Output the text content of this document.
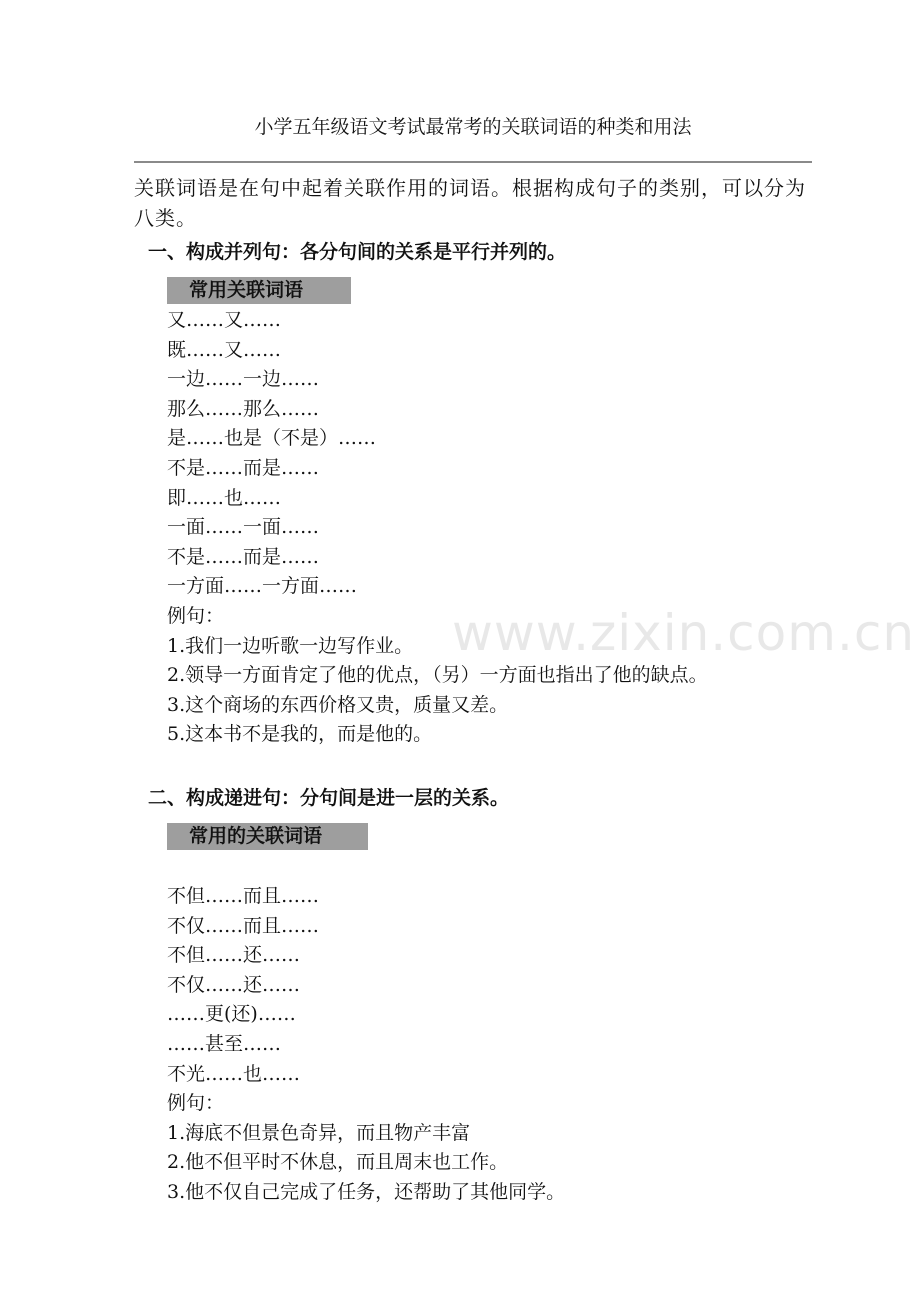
小学五年级语文考试最常考的关联词语的种类和用法
关联词语是在句中起着关联作用的词语。根据构成句子的类别，可以分为八类。
一、构成并列句：各分句间的关系是平行并列的。
常用关联词语
又……又……
既……又……
一边……一边……
那么……那么……
是……也是（不是）……
不是……而是……
即……也……
一面……一面……
不是……而是……
一方面……一方面……
例句：
1.我们一边听歌一边写作业。
2.领导一方面肯定了他的优点，（另）一方面也指出了他的缺点。
3.这个商场的东西价格又贵，质量又差。
5.这本书不是我的，而是他的。
二、构成递进句：分句间是进一层的关系。
常用的关联词语
不但……而且……
不仅……而且……
不但……还……
不仅……还……
……更(还)……
……甚至……
不光……也……
例句：
1.海底不但景色奇异，而且物产丰富
2.他不但平时不休息，而且周末也工作。
3.他不仅自己完成了任务，还帮助了其他同学。
www.zixin.com.cn
